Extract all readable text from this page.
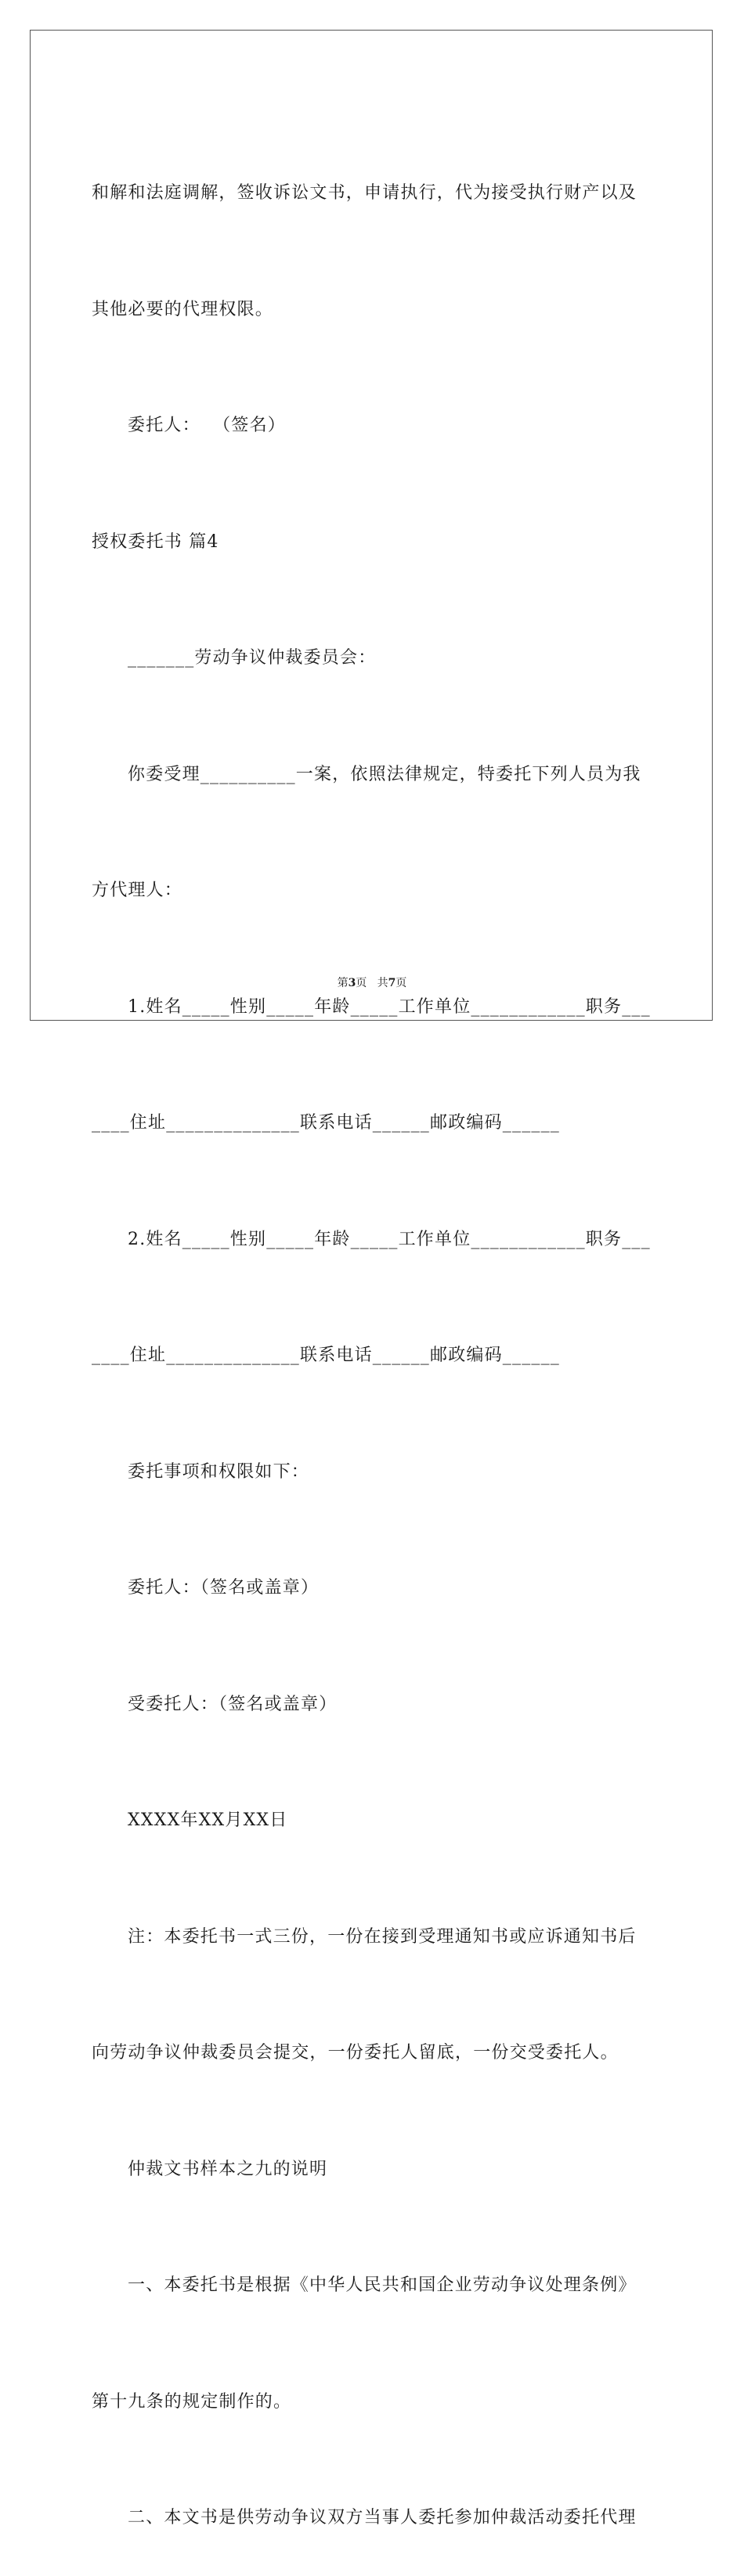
和解和法庭调解，签收诉讼文书，申请执行，代为接受执行财产以及

其他必要的代理权限。

委托人：  （签名）

授权委托书 篇4

_______劳动争议仲裁委员会：

你委受理__________一案，依照法律规定，特委托下列人员为我

方代理人：

1.姓名_____性别_____年龄_____工作单位____________职务___

____住址______________联系电话______邮政编码______

2.姓名_____性别_____年龄_____工作单位____________职务___

____住址______________联系电话______邮政编码______

委托事项和权限如下：

委托人：（签名或盖章）

受委托人：（签名或盖章）

XXXX年XX月XX日

注：本委托书一式三份，一份在接到受理通知书或应诉通知书后

向劳动争议仲裁委员会提交，一份委托人留底，一份交受委托人。

仲裁文书样本之九的说明

一、本委托书是根据《中华人民共和国企业劳动争议处理条例》

第十九条的规定制作的。

二、本文书是供劳动争议双方当事人委托参加仲裁活动委托代理

第3页   共7页
